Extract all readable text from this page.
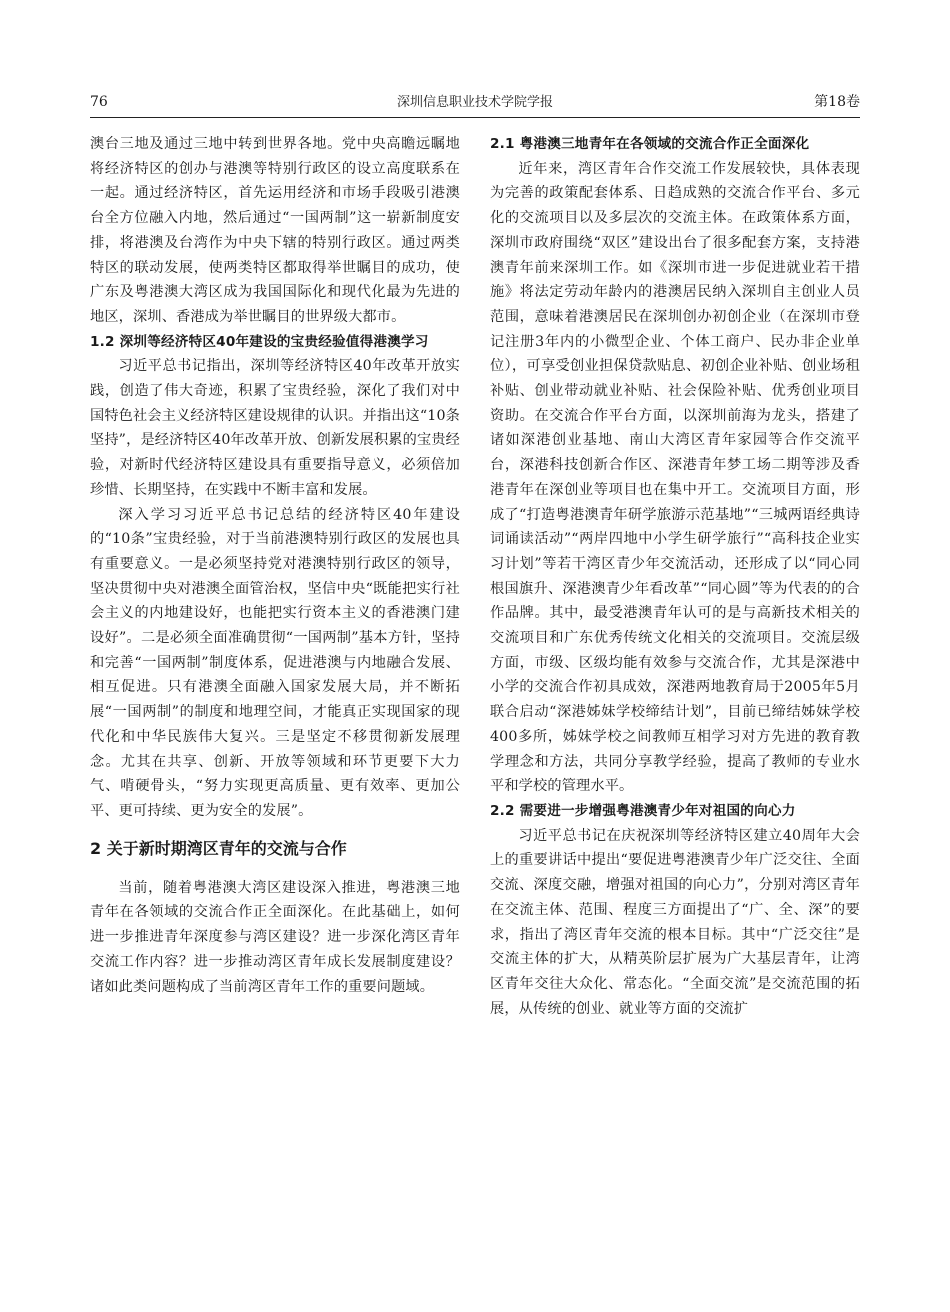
76	深圳信息职业技术学院学报	第18卷

澳台三地及通过三地中转到世界各地。党中央高瞻远瞩地将经济特区的创办与港澳等特别行政区的设立高度联系在一起。通过经济特区，首先运用经济和市场手段吸引港澳台全方位融入内地，然后通过“一国两制”这一崭新制度安排，将港澳及台湾作为中央下辖的特别行政区。通过两类特区的联动发展，使两类特区都取得举世瞩目的成功，使广东及粤港澳大湾区成为我国国际化和现代化最为先进的地区，深圳、香港成为举世瞩目的世界级大都市。

1.2 深圳等经济特区40年建设的宝贵经验值得港澳学习

习近平总书记指出，深圳等经济特区40年改革开放实践，创造了伟大奇迹，积累了宝贵经验，深化了我们对中国特色社会主义经济特区建设规律的认识。并指出这“10条坚持”，是经济特区40年改革开放、创新发展积累的宝贵经验，对新时代经济特区建设具有重要指导意义，必须倍加珍惜、长期坚持，在实践中不断丰富和发展。

深入学习习近平总书记总结的经济特区40年建设的“10条”宝贵经验，对于当前港澳特别行政区的发展也具有重要意义。一是必须坚持党对港澳特别行政区的领导，坚决贯彻中央对港澳全面管治权，坚信中央“既能把实行社会主义的内地建设好，也能把实行资本主义的香港澳门建设好”。二是必须全面准确贯彻“一国两制”基本方针，坚持和完善“一国两制”制度体系，促进港澳与内地融合发展、相互促进。只有港澳全面融入国家发展大局，并不断拓展“一国两制”的制度和地理空间，才能真正实现国家的现代化和中华民族伟大复兴。三是坚定不移贯彻新发展理念。尤其在共享、创新、开放等领域和环节更要下大力气、啃硬骨头，“努力实现更高质量、更有效率、更加公平、更可持续、更为安全的发展”。

2 关于新时期湾区青年的交流与合作

当前，随着粤港澳大湾区建设深入推进，粤港澳三地青年在各领域的交流合作正全面深化。在此基础上，如何进一步推进青年深度参与湾区建设？进一步深化湾区青年交流工作内容？进一步推动湾区青年成长发展制度建设？诸如此类问题构成了当前湾区青年工作的重要问题域。

2.1 粤港澳三地青年在各领域的交流合作正全面深化

近年来，湾区青年合作交流工作发展较快，具体表现为完善的政策配套体系、日趋成熟的交流合作平台、多元化的交流项目以及多层次的交流主体。在政策体系方面，深圳市政府围绕“双区”建设出台了很多配套方案，支持港澳青年前来深圳工作。如《深圳市进一步促进就业若干措施》将法定劳动年龄内的港澳居民纳入深圳自主创业人员范围，意味着港澳居民在深圳创办初创企业（在深圳市登记注册3年内的小微型企业、个体工商户、民办非企业单位），可享受创业担保贷款贴息、初创企业补贴、创业场租补贴、创业带动就业补贴、社会保险补贴、优秀创业项目资助。在交流合作平台方面，以深圳前海为龙头，搭建了诸如深港创业基地、南山大湾区青年家园等合作交流平台，深港科技创新合作区、深港青年梦工场二期等涉及香港青年在深创业等项目也在集中开工。交流项目方面，形成了“打造粤港澳青年研学旅游示范基地”“三城两语经典诗词诵读活动”“两岸四地中小学生研学旅行”“高科技企业实习计划”等若干湾区青少年交流活动，还形成了以“同心同根国旗升、深港澳青少年看改革”“同心圆”等为代表的的合作品牌。其中，最受港澳青年认可的是与高新技术相关的交流项目和广东优秀传统文化相关的交流项目。交流层级方面，市级、区级均能有效参与交流合作，尤其是深港中小学的交流合作初具成效，深港两地教育局于2005年5月联合启动“深港姊妹学校缔结计划”，目前已缔结姊妹学校400多所，姊妹学校之间教师互相学习对方先进的教育教学理念和方法，共同分享教学经验，提高了教师的专业水平和学校的管理水平。

2.2 需要进一步增强粤港澳青少年对祖国的向心力

习近平总书记在庆祝深圳等经济特区建立40周年大会上的重要讲话中提出“要促进粤港澳青少年广泛交往、全面交流、深度交融，增强对祖国的向心力”，分别对湾区青年在交流主体、范围、程度三方面提出了“广、全、深”的要求，指出了湾区青年交流的根本目标。其中“广泛交往”是交流主体的扩大，从精英阶层扩展为广大基层青年，让湾区青年交往大众化、常态化。“全面交流”是交流范围的拓展，从传统的创业、就业等方面的交流扩
